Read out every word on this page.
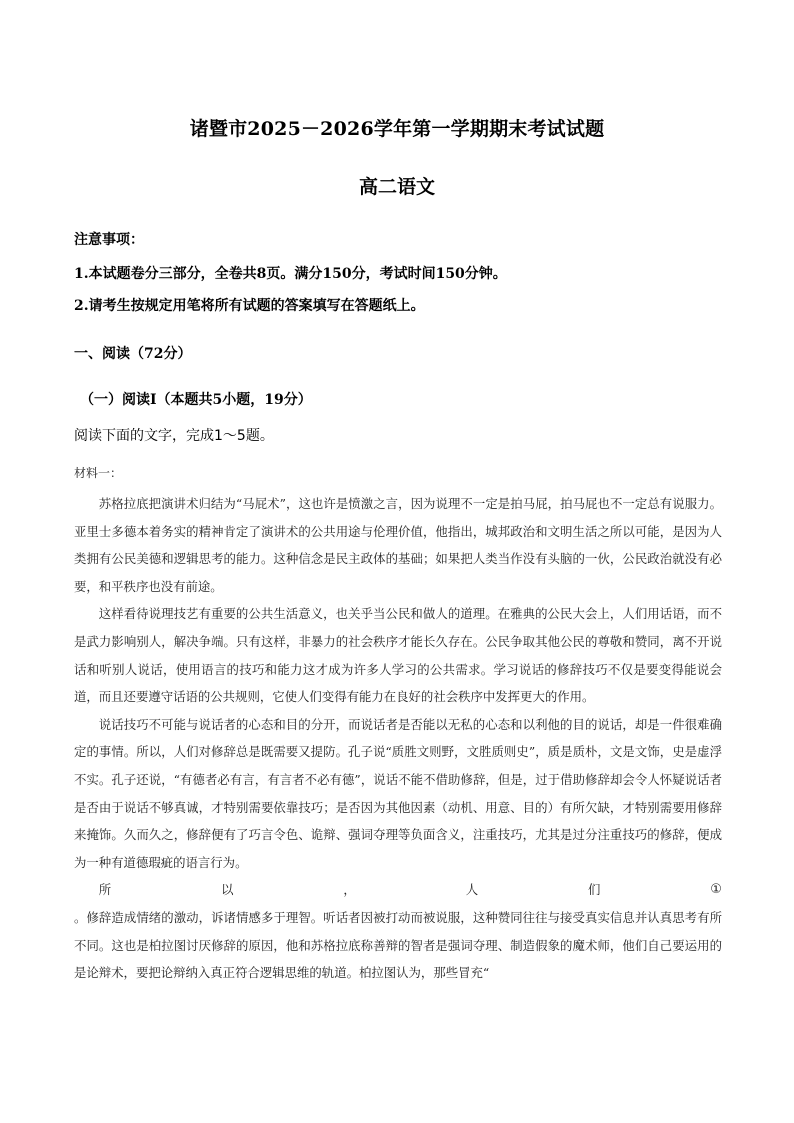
诸暨市2025－2026学年第一学期期末考试试题
高二语文
注意事项：
1.本试题卷分三部分，全卷共8页。满分150分，考试时间150分钟。
2.请考生按规定用笔将所有试题的答案填写在答题纸上。
一、阅读（72分）
（一）阅读Ⅰ（本题共5小题，19分）
阅读下面的文字，完成1～5题。
材料一：

苏格拉底把演讲术归结为“马屁术”，这也许是愤激之言，因为说理不一定是拍马屁，拍马屁也不一定总有说服力。亚里士多德本着务实的精神肯定了演讲术的公共用途与伦理价值，他指出，城邦政治和文明生活之所以可能，是因为人类拥有公民美德和逻辑思考的能力。这种信念是民主政体的基础；如果把人类当作没有头脑的一伙，公民政治就没有必要，和平秩序也没有前途。

这样看待说理技艺有重要的公共生活意义，也关乎当公民和做人的道理。在雅典的公民大会上，人们用话语，而不是武力影响别人，解决争端。只有这样，非暴力的社会秩序才能长久存在。公民争取其他公民的尊敬和赞同，离不开说话和听别人说话，使用语言的技巧和能力这才成为许多人学习的公共需求。学习说话的修辞技巧不仅是要变得能说会道，而且还要遵守话语的公共规则，它使人们变得有能力在良好的社会秩序中发挥更大的作用。

说话技巧不可能与说话者的心态和目的分开，而说话者是否能以无私的心态和以利他的目的说话，却是一件很难确定的事情。所以，人们对修辞总是既需要又提防。孔子说“质胜文则野，文胜质则史”，质是质朴，文是文饰，史是虚浮不实。孔子还说，“有德者必有言，有言者不必有德”，说话不能不借助修辞，但是，过于借助修辞却会令人怀疑说话者是否由于说话不够真诚，才特别需要依靠技巧；是否因为其他因素（动机、用意、目的）有所欠缺，才特别需要用修辞来掩饰。久而久之，修辞便有了巧言令色、诡辩、强词夺理等负面含义，注重技巧，尤其是过分注重技巧的修辞，便成为一种有道德瑕疵的语言行为。

所	以	，	人	们	①

。修辞造成情绪的激动，诉诸情感多于理智。听话者因被打动而被说服，这种赞同往往与接受真实信息并认真思考有所不同。这也是柏拉图讨厌修辞的原因，他和苏格拉底称善辩的智者是强词夺理、制造假象的魔术师，他们自己要运用的是论辩术，要把论辩纳入真正符合逻辑思维的轨道。柏拉图认为，那些冒充“
